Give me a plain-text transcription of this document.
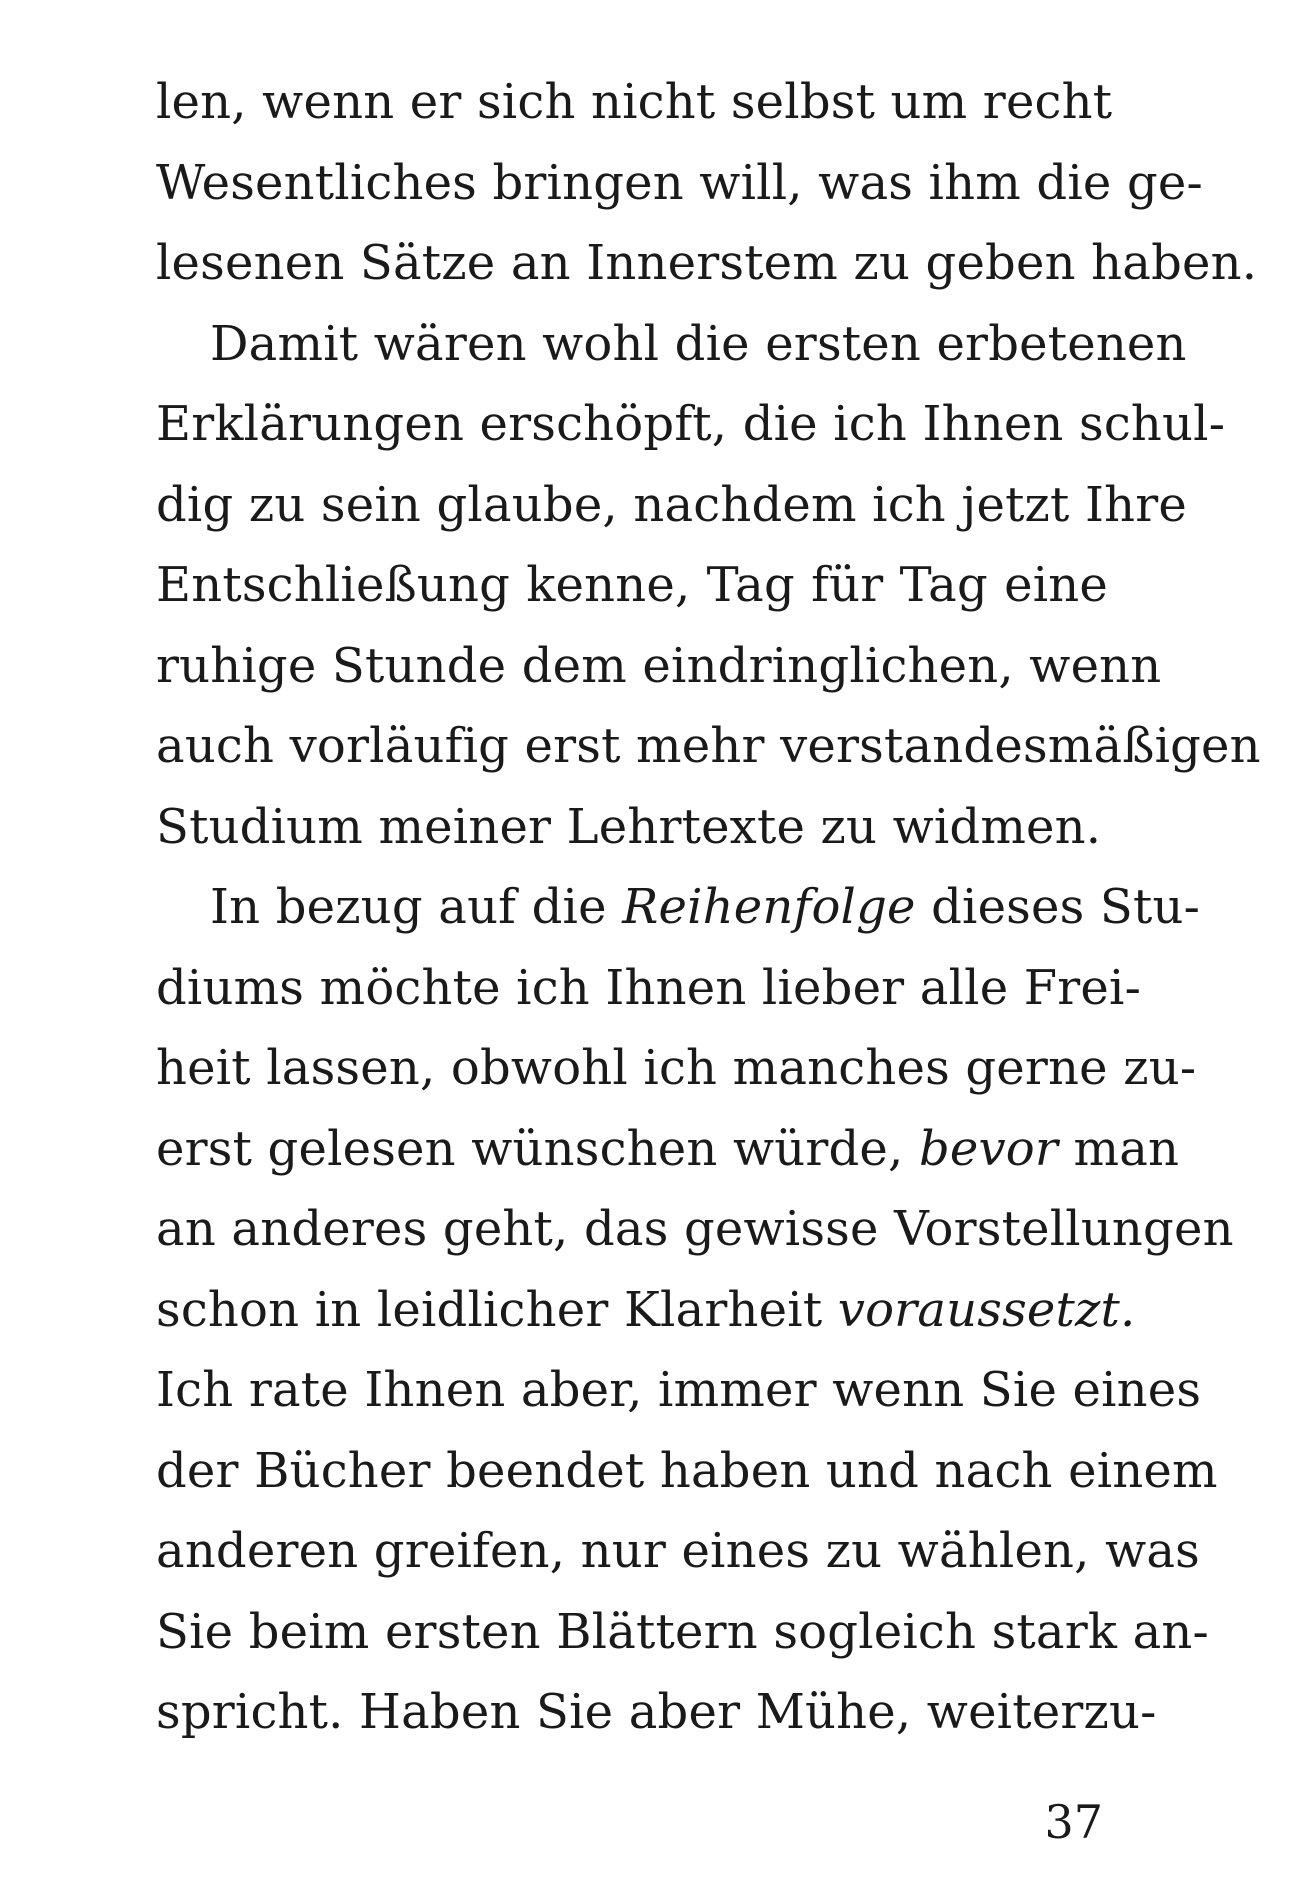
len, wenn er sich nicht selbst um recht
Wesentliches bringen will, was ihm die ge-
lesenen Sätze an Innerstem zu geben haben.
Damit wären wohl die ersten erbetenen
Erklärungen erschöpft, die ich Ihnen schul-
dig zu sein glaube, nachdem ich jetzt Ihre
Entschließung kenne, Tag für Tag eine
ruhige Stunde dem eindringlichen, wenn
auch vorläufig erst mehr verstandesmäßigen
Studium meiner Lehrtexte zu widmen.
In bezug auf die Reihenfolge dieses Stu-
diums möchte ich Ihnen lieber alle Frei-
heit lassen, obwohl ich manches gerne zu-
erst gelesen wünschen würde, bevor man
an anderes geht, das gewisse Vorstellungen
schon in leidlicher Klarheit voraussetzt.
Ich rate Ihnen aber, immer wenn Sie eines
der Bücher beendet haben und nach einem
anderen greifen, nur eines zu wählen, was
Sie beim ersten Blättern sogleich stark an-
spricht. Haben Sie aber Mühe, weiterzu-
37
